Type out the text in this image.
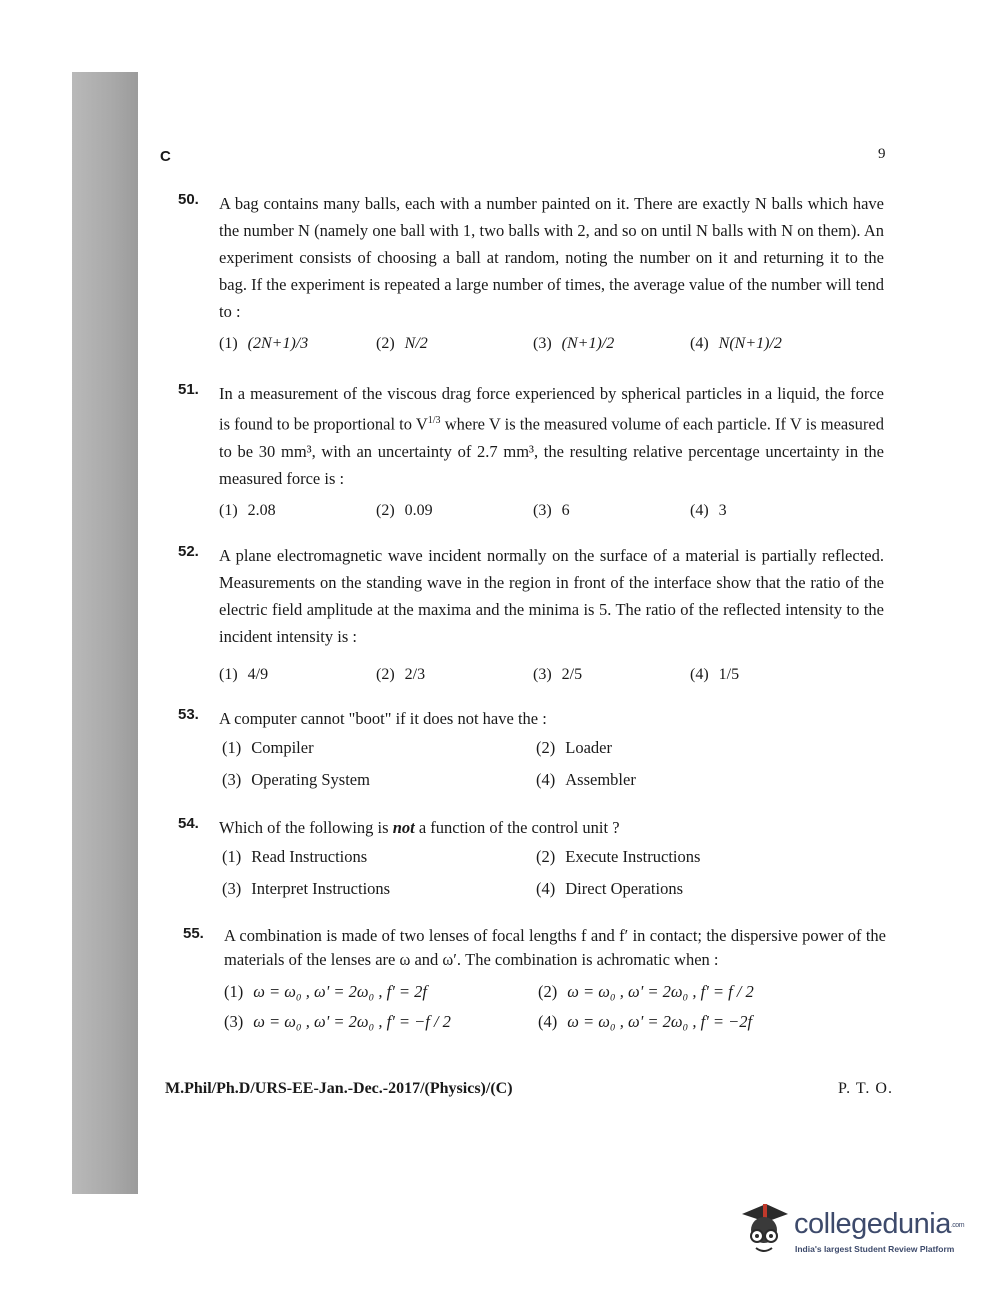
C	9
50. A bag contains many balls, each with a number painted on it. There are exactly N balls which have the number N (namely one ball with 1, two balls with 2, and so on until N balls with N on them). An experiment consists of choosing a ball at random, noting the number on it and returning it to the bag. If the experiment is repeated a large number of times, the average value of the number will tend to :
(1) (2N+1)/3	(2) N/2	(3) (N+1)/2	(4) N(N+1)/2
51. In a measurement of the viscous drag force experienced by spherical particles in a liquid, the force is found to be proportional to $V^{1/3}$ where V is the measured volume of each particle. If V is measured to be 30 mm³, with an uncertainty of 2.7 mm³, the resulting relative percentage uncertainty in the measured force is :
(1) 2.08	(2) 0.09	(3) 6	(4) 3
52. A plane electromagnetic wave incident normally on the surface of a material is partially reflected. Measurements on the standing wave in the region in front of the interface show that the ratio of the electric field amplitude at the maxima and the minima is 5. The ratio of the reflected intensity to the incident intensity is :
(1) 4/9	(2) 2/3	(3) 2/5	(4) 1/5
53. A computer cannot "boot" if it does not have the :
(1) Compiler	(2) Loader
(3) Operating System	(4) Assembler
54. Which of the following is not a function of the control unit ?
(1) Read Instructions	(2) Execute Instructions
(3) Interpret Instructions	(4) Direct Operations
55. A combination is made of two lenses of focal lengths f and f′ in contact; the dispersive power of the materials of the lenses are ω and ω′. The combination is achromatic when :
(1) ω = ω₀ , ω' = 2ω₀ , f' = 2f	(2) ω = ω₀ , ω' = 2ω₀ , f' = f / 2
(3) ω = ω₀ , ω' = 2ω₀ , f' = −f / 2	(4) ω = ω₀ , ω' = 2ω₀ , f' = −2f
M.Phil/Ph.D/URS-EE-Jan.-Dec.-2017/(Physics)/(C)	P. T. O.
collegedunia.com
India's largest Student Review Platform
